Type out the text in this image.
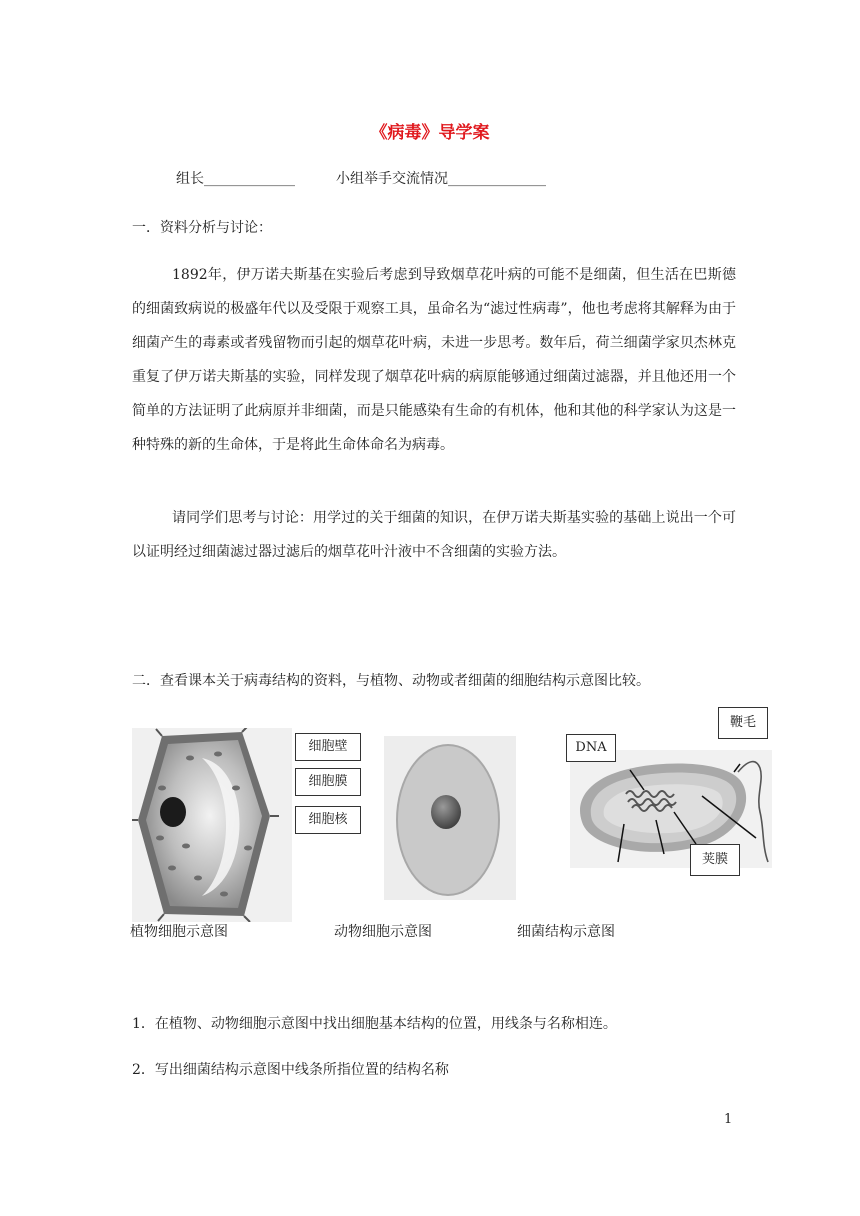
《病毒》导学案
组长_____________	小组举手交流情况______________
一．资料分析与讨论：
1892年，伊万诺夫斯基在实验后考虑到导致烟草花叶病的可能不是细菌，但生活在巴斯德的细菌致病说的极盛年代以及受限于观察工具，虽命名为“滤过性病毒”，他也考虑将其解释为由于细菌产生的毒素或者残留物而引起的烟草花叶病，未进一步思考。数年后，荷兰细菌学家贝杰林克重复了伊万诺夫斯基的实验，同样发现了烟草花叶病的病原能够通过细菌过滤器，并且他还用一个简单的方法证明了此病原并非细菌，而是只能感染有生命的有机体，他和其他的科学家认为这是一种特殊的新的生命体，于是将此生命体命名为病毒。
请同学们思考与讨论：用学过的关于细菌的知识，在伊万诺夫斯基实验的基础上说出一个可以证明经过细菌滤过器过滤后的烟草花叶汁液中不含细菌的实验方法。
二．查看课本关于病毒结构的资料，与植物、动物或者细菌的细胞结构示意图比较。
细胞壁
细胞膜
细胞核
DNA
鞭毛
荚膜
植物细胞示意图	动物细胞示意图	细菌结构示意图
1．在植物、动物细胞示意图中找出细胞基本结构的位置，用线条与名称相连。
2．写出细菌结构示意图中线条所指位置的结构名称
1
